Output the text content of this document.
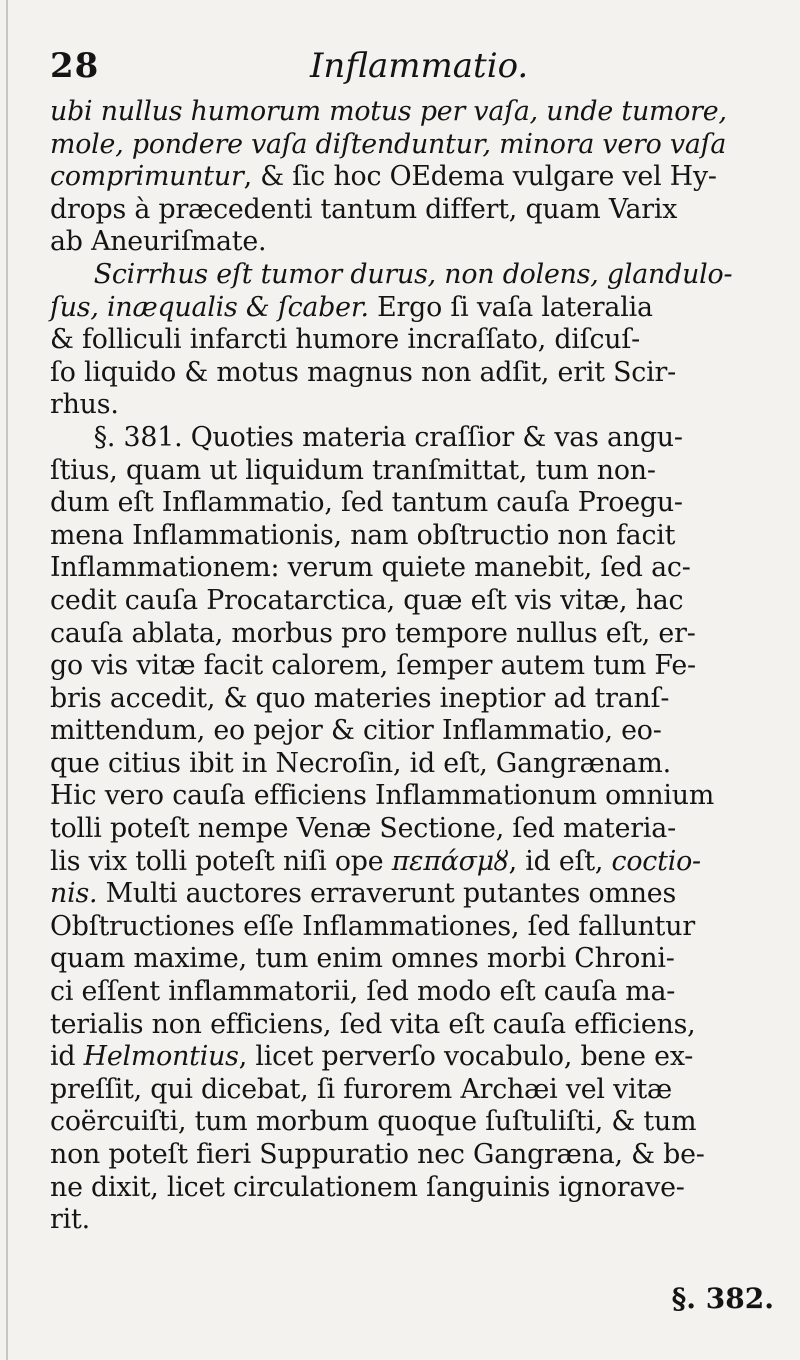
28	Inflammatio.
ubi nullus humorum motus per vaſa, unde tumore,
mole, pondere vaſa diſtenduntur, minora vero vaſa
comprimuntur, & ſic hoc OEdema vulgare vel Hy-
drops à præcedenti tantum differt, quam Varix
ab Aneuriſmate.
Scirrhus eſt tumor durus, non dolens, glandulo-
ſus, inæqualis & ſcaber. Ergo ſi vaſa lateralia
& folliculi infarcti humore incraſſato, diſcuſ-
ſo liquido & motus magnus non adſit, erit Scir-
rhus.
§. 381. Quoties materia craſſior & vas angu-
ſtius, quam ut liquidum tranſmittat, tum non-
dum eſt Inflammatio, ſed tantum cauſa Proegu-
mena Inflammationis, nam obſtructio non facit
Inflammationem: verum quiete manebit, ſed ac-
cedit cauſa Procatarctica, quæ eſt vis vitæ, hac
cauſa ablata, morbus pro tempore nullus eſt, er-
go vis vitæ facit calorem, ſemper autem tum Fe-
bris accedit, & quo materies ineptior ad tranſ-
mittendum, eo pejor & citior Inflammatio, eo-
que citius ibit in Necroſin, id eſt, Gangrænam.
Hic vero cauſa efficiens Inflammationum omnium
tolli poteſt nempe Venæ Sectione, ſed materia-
lis vix tolli poteſt niſi ope πεπάσμȣ, id eſt, coctio-
nis. Multi auctores erraverunt putantes omnes
Obſtructiones eſſe Inflammationes, ſed falluntur
quam maxime, tum enim omnes morbi Chroni-
ci eſſent inflammatorii, ſed modo eſt cauſa ma-
terialis non efficiens, ſed vita eſt cauſa efficiens,
id Helmontius, licet perverſo vocabulo, bene ex-
preſſit, qui dicebat, ſi furorem Archæi vel vitæ
coërcuiſti, tum morbum quoque ſuſtuliſti, & tum
non poteſt fieri Suppuratio nec Gangræna, & be-
ne dixit, licet circulationem ſanguinis ignorave-
rit.
§. 382.
